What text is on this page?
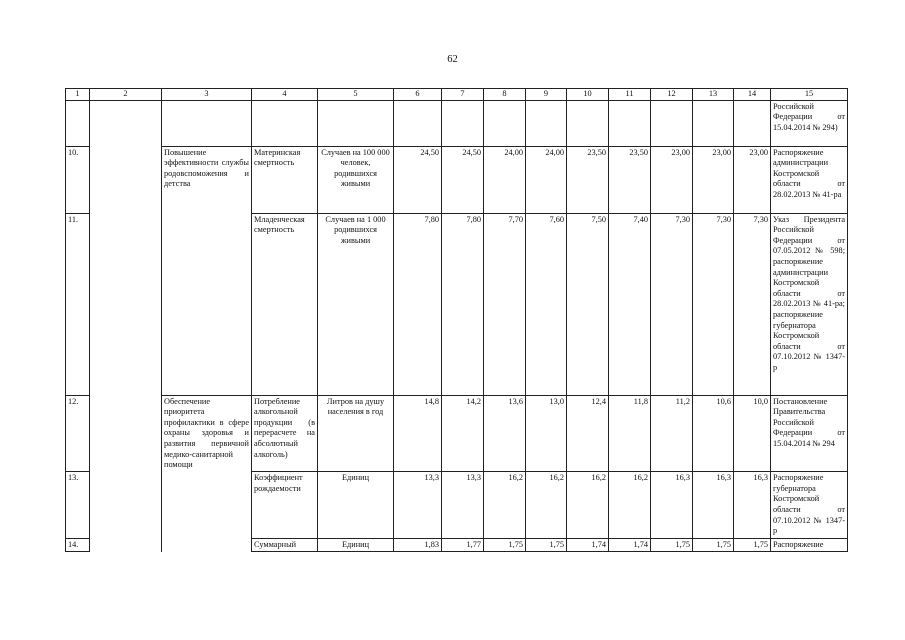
62
1	2	3	4	5	6	7	8	9	10	11	12	13	14	15
														Российской Федерации от 15.04.2014 № 294)
10.		Повышение эффективности службы родовспоможения и детства	Материнская смертность	Случаев на 100 000 человек, родившихся живыми	24,50	24,50	24,00	24,00	23,50	23,50	23,00	23,00	23,00	Распоряжение администрации Костромской области от 28.02.2013 № 41-ра
11.			Младенческая смертность	Случаев на 1 000 родившихся живыми	7,80	7,80	7,70	7,60	7,50	7,40	7,30	7,30	7,30	Указ Президента Российской Федерации от 07.05.2012 № 598; распоряжение администрации Костромской области от 28.02.2013 № 41-ра; распоряжение губернатора Костромской области от 07.10.2012 № 1347-р
12.		Обеспечение приоритета профилактики в сфере охраны здоровья и развития первичной медико-санитарной помощи	Потребление алкогольной продукции (в перерасчете на абсолютный алкоголь)	Литров на душу населения в год	14,8	14,2	13,6	13,0	12,4	11,8	11,2	10,6	10,0	Постановление Правительства Российской Федерации от 15.04.2014 № 294
13.			Коэффициент рождаемости	Единиц	13,3	13,3	16,2	16,2	16,2	16,2	16,3	16,3	16,3	Распоряжение губернатора Костромской области от 07.10.2012 № 1347-р
14.			Суммарный	Единиц	1,83	1,77	1,75	1,75	1,74	1,74	1,75	1,75	1,75	Распоряжение
